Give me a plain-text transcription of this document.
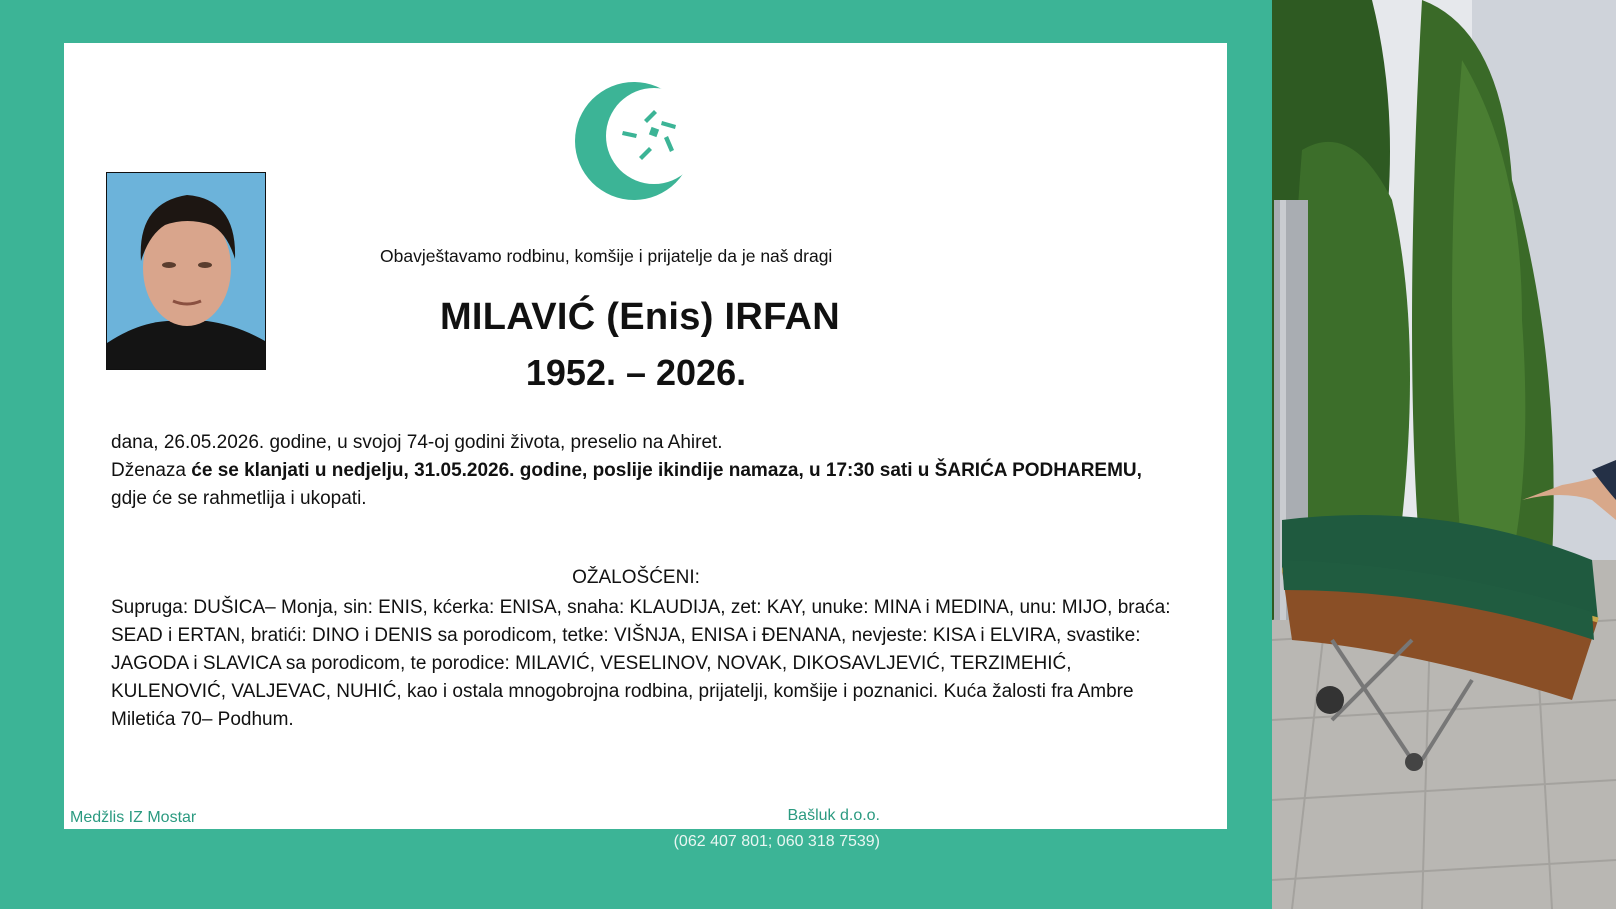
Obavještavamo rodbinu, komšije i prijatelje da je naš dragi
MILAVIĆ (Enis) IRFAN
1952. – 2026.

dana, 26.05.2026. godine, u svojoj 74-oj godini života, preselio na Ahiret.

Dženaza će se klanjati u nedjelju, 31.05.2026. godine, poslije ikindije namaza, u 17:30 sati u ŠARIĆA PODHAREMU, gdje će se rahmetlija i ukopati.

OŽALOŠĆENI:
Supruga: DUŠICA– Monja, sin: ENIS, kćerka: ENISA, snaha: KLAUDIJA, zet: KAY, unuke: MINA i MEDINA, unu: MIJO, braća: SEAD i ERTAN, bratići: DINO i DENIS sa porodicom, tetke: VIŠNJA, ENISA i ĐENANA, nevjeste: KISA i ELVIRA, svastike: JAGODA i SLAVICA sa porodicom, te porodice: MILAVIĆ, VESELINOV, NOVAK, DIKOSAVLJEVIĆ, TERZIMEHIĆ, KULENOVIĆ, VALJEVAC, NUHIĆ, kao i ostala mnogobrojna rodbina, prijatelji, komšije i poznanici. Kuća žalosti fra Ambre Miletića 70– Podhum.
Medžlis IZ Mostar	Bašluk d.o.o.
(062 407 801; 060 318 7539)
